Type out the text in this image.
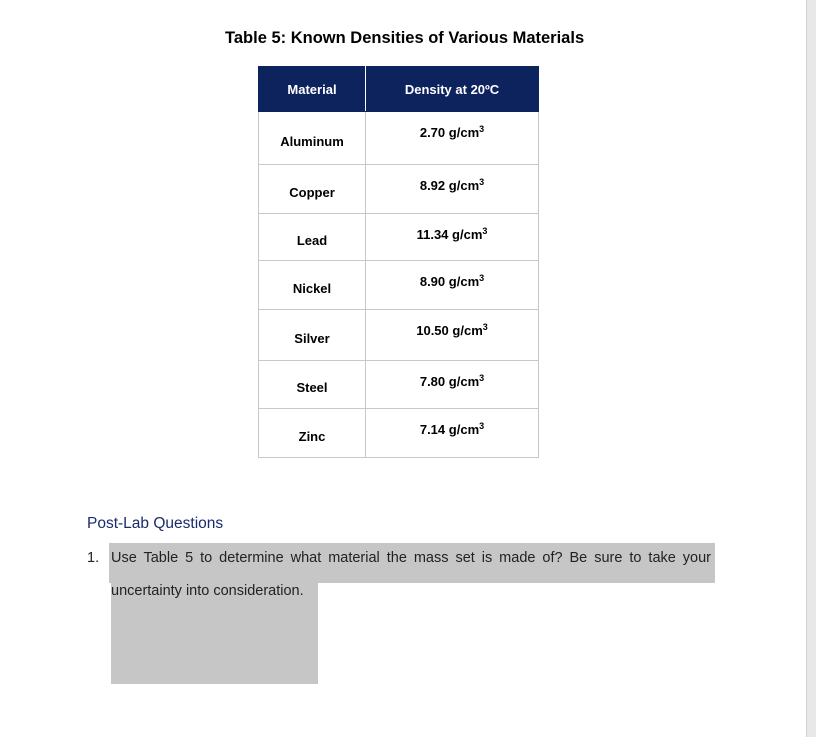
Table 5: Known Densities of Various Materials
Material	Density at 20ºC
Aluminum	2.70 $g/cm^3$
Copper	8.92 $g/cm^3$
Lead	11.34 $g/cm^3$
Nickel	8.90 $g/cm^3$
Silver	10.50 $g/cm^3$
Steel	7.80 $g/cm^3$
Zinc	7.14 $g/cm^3$
Post-Lab Questions
1. Use Table 5 to determine what material the mass set is made of? Be sure to take your
uncertainty into consideration.
